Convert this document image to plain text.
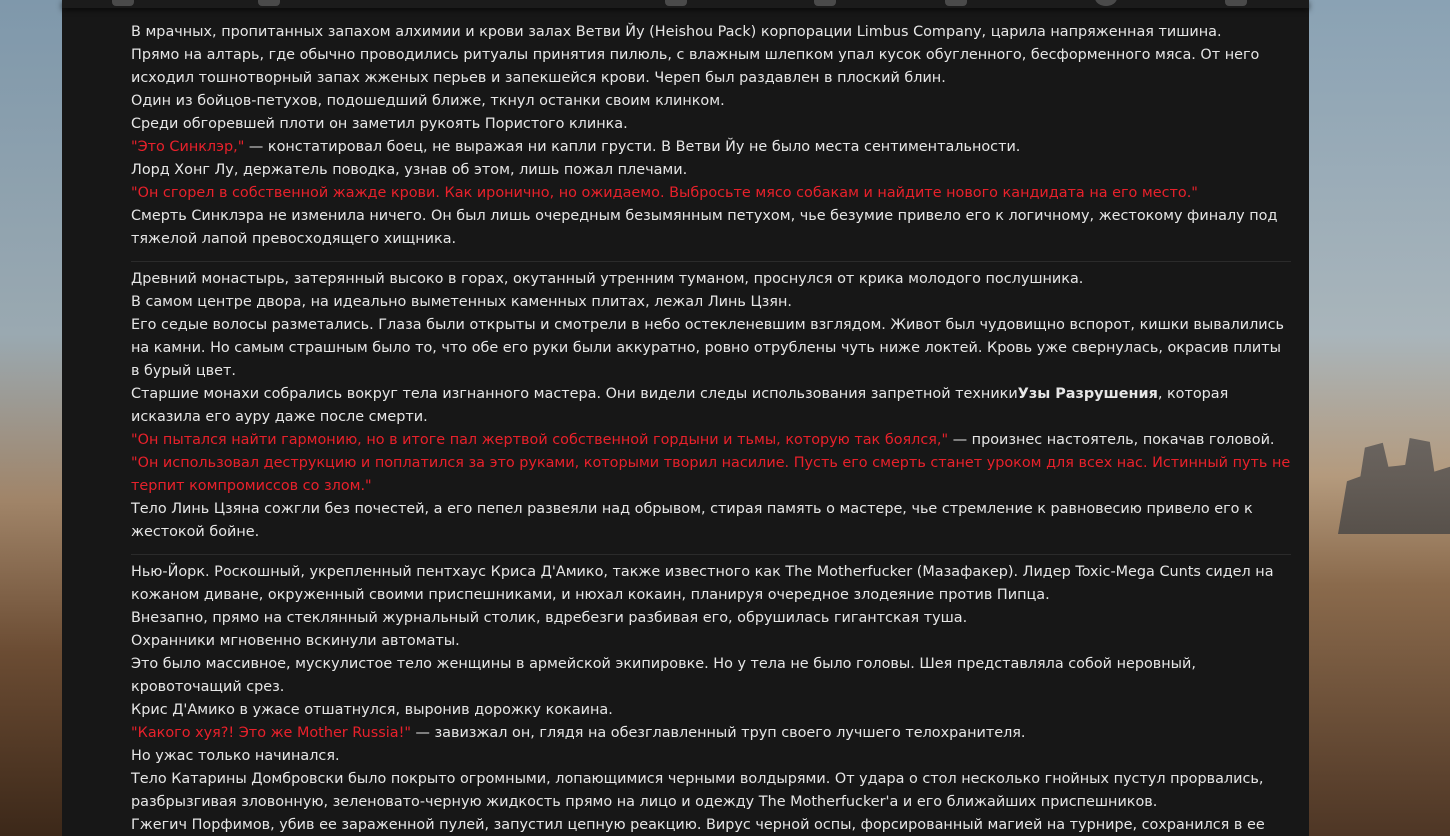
В мрачных, пропитанных запахом алхимии и крови залах Ветви Йу (Heishou Pack) корпорации Limbus Company, царила напряженная тишина.

Прямо на алтарь, где обычно проводились ритуалы принятия пилюль, с влажным шлепком упал кусок обугленного, бесформенного мяса. От него исходил тошнотворный запах жженых перьев и запекшейся крови. Череп был раздавлен в плоский блин.

Один из бойцов-петухов, подошедший ближе, ткнул останки своим клинком.

Среди обгоревшей плоти он заметил рукоять Пористого клинка.

"Это Синклэр," — констатировал боец, не выражая ни капли грусти. В Ветви Йу не было места сентиментальности.

Лорд Хонг Лу, держатель поводка, узнав об этом, лишь пожал плечами.

"Он сгорел в собственной жажде крови. Как иронично, но ожидаемо. Выбросьте мясо собакам и найдите нового кандидата на его место."

Смерть Синклэра не изменила ничего. Он был лишь очередным безымянным петухом, чье безумие привело его к логичному, жестокому финалу под тяжелой лапой превосходящего хищника.

Древний монастырь, затерянный высоко в горах, окутанный утренним туманом, проснулся от крика молодого послушника.

В самом центре двора, на идеально выметенных каменных плитах, лежал Линь Цзян.

Его седые волосы разметались. Глаза были открыты и смотрели в небо остекленевшим взглядом. Живот был чудовищно вспорот, кишки вывалились на камни. Но самым страшным было то, что обе его руки были аккуратно, ровно отрублены чуть ниже локтей. Кровь уже свернулась, окрасив плиты в бурый цвет.

Старшие монахи собрались вокруг тела изгнанного мастера. Они видели следы использования запретной техникиУзы Разрушения, которая исказила его ауру даже после смерти.

"Он пытался найти гармонию, но в итоге пал жертвой собственной гордыни и тьмы, которую так боялся," — произнес настоятель, покачав головой.

"Он использовал деструкцию и поплатился за это руками, которыми творил насилие. Пусть его смерть станет уроком для всех нас. Истинный путь не терпит компромиссов со злом."

Тело Линь Цзяна сожгли без почестей, а его пепел развеяли над обрывом, стирая память о мастере, чье стремление к равновесию привело его к жестокой бойне.

Нью-Йорк. Роскошный, укрепленный пентхаус Криса Д'Амико, также известного как The Motherfucker (Мазафакер). Лидер Toxic-Mega Cunts сидел на кожаном диване, окруженный своими приспешниками, и нюхал кокаин, планируя очередное злодеяние против Пипца.

Внезапно, прямо на стеклянный журнальный столик, вдребезги разбивая его, обрушилась гигантская туша.

Охранники мгновенно вскинули автоматы.

Это было массивное, мускулистое тело женщины в армейской экипировке. Но у тела не было головы. Шея представляла собой неровный, кровоточащий срез.

Крис Д'Амико в ужасе отшатнулся, выронив дорожку кокаина.

"Какого хуя?! Это же Mother Russia!" — завизжал он, глядя на обезглавленный труп своего лучшего телохранителя.

Но ужас только начинался.

Тело Катарины Домбровски было покрыто огромными, лопающимися черными волдырями. От удара о стол несколько гнойных пустул прорвались, разбрызгивая зловонную, зеленовато-черную жидкость прямо на лицо и одежду The Motherfucker'а и его ближайших приспешников.

Гжегич Порфимов, убив ее зараженной пулей, запустил цепную реакцию. Вирус черной оспы, форсированный магией на турнире, сохранился в ее
